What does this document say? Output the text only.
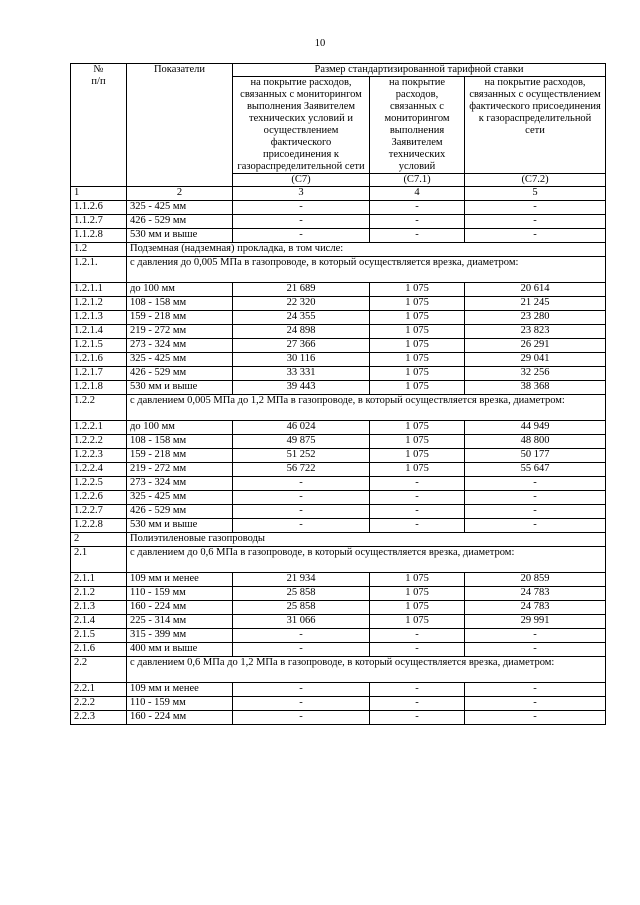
10
№
п/п	Показатели	Размер стандартизированной тарифной ставки		
		на покрытие расходов, связанных с мониторингом выполнения Заявителем технических условий и осуществлением фактического присоединения к газораспределительной сети	на покрытие расходов, связанных с мониторингом выполнения Заявителем технических условий	на покрытие расходов, связанных с осуществлением фактического присоединения к газораспределительной сети
		(С7)	(С7.1)	(С7.2)
1	2	3	4	5
1.1.2.6	325 - 425 мм	-	-	-
1.1.2.7	426 - 529 мм	-	-	-
1.1.2.8	530 мм и выше	-	-	-
1.2	Подземная (надземная) прокладка, в том числе:			
1.2.1.	с давления до 0,005 МПа в газопроводе, в который осуществляется врезка, диаметром:			
1.2.1.1	до 100 мм	21 689	1 075	20 614
1.2.1.2	108 - 158 мм	22 320	1 075	21 245
1.2.1.3	159 - 218 мм	24 355	1 075	23 280
1.2.1.4	219 - 272 мм	24 898	1 075	23 823
1.2.1.5	273 - 324 мм	27 366	1 075	26 291
1.2.1.6	325 - 425 мм	30 116	1 075	29 041
1.2.1.7	426 - 529 мм	33 331	1 075	32 256
1.2.1.8	530 мм и выше	39 443	1 075	38 368
1.2.2	с давлением 0,005 МПа до 1,2 МПа в газопроводе, в который осуществляется врезка, диаметром:			
1.2.2.1	до 100 мм	46 024	1 075	44 949
1.2.2.2	108 - 158 мм	49 875	1 075	48 800
1.2.2.3	159 - 218 мм	51 252	1 075	50 177
1.2.2.4	219 - 272 мм	56 722	1 075	55 647
1.2.2.5	273 - 324 мм	-	-	-
1.2.2.6	325 - 425 мм	-	-	-
1.2.2.7	426 - 529 мм	-	-	-
1.2.2.8	530 мм и выше	-	-	-
2	Полиэтиленовые газопроводы			
2.1	с давлением до 0,6 МПа в газопроводе, в который осуществляется врезка, диаметром:			
2.1.1	109 мм и менее	21 934	1 075	20 859
2.1.2	110 - 159 мм	25 858	1 075	24 783
2.1.3	160 - 224 мм	25 858	1 075	24 783
2.1.4	225 - 314 мм	31 066	1 075	29 991
2.1.5	315 - 399 мм	-	-	-
2.1.6	400 мм и выше	-	-	-
2.2	с давлением 0,6 МПа до 1,2 МПа в газопроводе, в который осуществляется врезка, диаметром:			
2.2.1	109 мм и менее	-	-	-
2.2.2	110 - 159 мм	-	-	-
2.2.3	160 - 224 мм	-	-	-
